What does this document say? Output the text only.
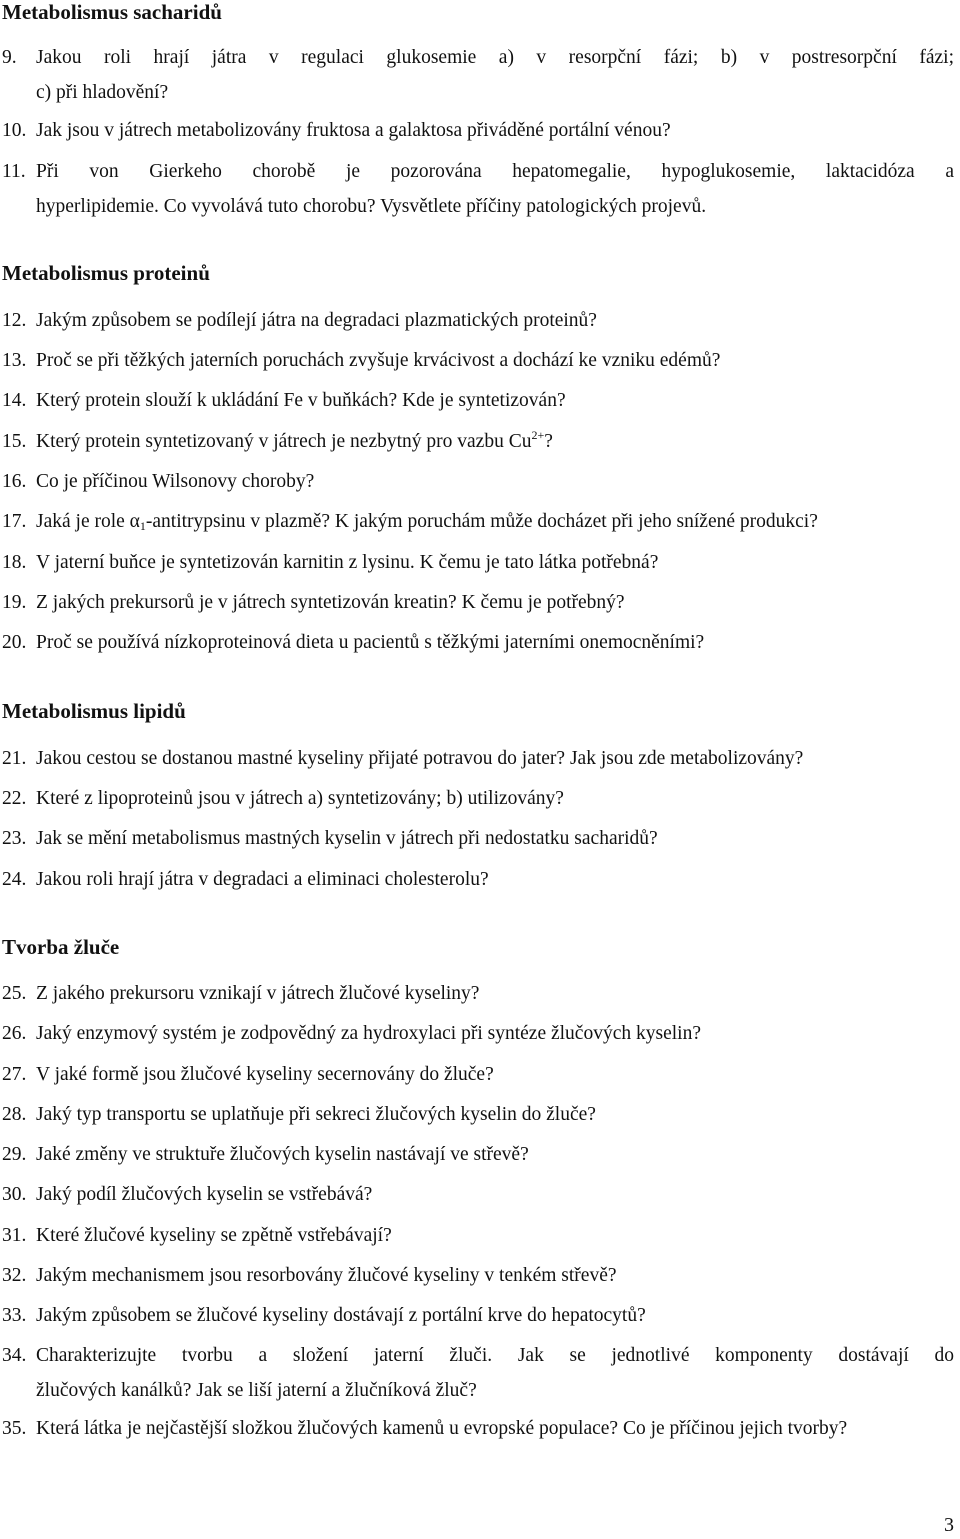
Metabolismus sacharidů
9. Jakou roli hrají játra v regulaci glukosemie a) v resorpční fázi; b) v postresorpční fázi;
c) při hladovění?
10. Jak jsou v játrech metabolizovány fruktosa a galaktosa přiváděné portální vénou?
11. Při von Gierkeho chorobě je pozorována hepatomegalie, hypoglukosemie, laktacidóza a
hyperlipidemie. Co vyvolává tuto chorobu? Vysvětlete příčiny patologických projevů.
Metabolismus proteinů
12. Jakým způsobem se podílejí játra na degradaci plazmatických proteinů?
13. Proč se při těžkých jaterních poruchách zvyšuje krvácivost a dochází ke vzniku edémů?
14. Který protein slouží k ukládání Fe v buňkách? Kde je syntetizován?
15. Který protein syntetizovaný v játrech je nezbytný pro vazbu $Cu^{2+}$?
16. Co je příčinou Wilsonovy choroby?
17. Jaká je role $\alpha_1$-antitrypsinu v plazmě? K jakým poruchám může docházet při jeho snížené produkci?
18. V jaterní buňce je syntetizován karnitin z lysinu. K čemu je tato látka potřebná?
19. Z jakých prekursorů je v játrech syntetizován kreatin? K čemu je potřebný?
20. Proč se používá nízkoproteinová dieta u pacientů s těžkými jaterními onemocněními?
Metabolismus lipidů
21. Jakou cestou se dostanou mastné kyseliny přijaté potravou do jater? Jak jsou zde metabolizovány?
22. Které z lipoproteinů jsou v játrech a) syntetizovány; b) utilizovány?
23. Jak se mění metabolismus mastných kyselin v játrech při nedostatku sacharidů?
24. Jakou roli hrají játra v degradaci a eliminaci cholesterolu?
Tvorba žluče
25. Z jakého prekursoru vznikají v játrech žlučové kyseliny?
26. Jaký enzymový systém je zodpovědný za hydroxylaci při syntéze žlučových kyselin?
27. V jaké formě jsou žlučové kyseliny secernovány do žluče?
28. Jaký typ transportu se uplatňuje při sekreci žlučových kyselin do žluče?
29. Jaké změny ve struktuře žlučových kyselin nastávají ve střevě?
30. Jaký podíl žlučových kyselin se vstřebává?
31. Které žlučové kyseliny se zpětně vstřebávají?
32. Jakým mechanismem jsou resorbovány žlučové kyseliny v tenkém střevě?
33. Jakým způsobem se žlučové kyseliny dostávají z portální krve do hepatocytů?
34. Charakterizujte tvorbu a složení jaterní žluči. Jak se jednotlivé komponenty dostávají do
žlučových kanálků? Jak se liší jaterní a žlučníková žluč?
35. Která látka je nejčastější složkou žlučových kamenů u evropské populace? Co je příčinou jejich tvorby?
3
